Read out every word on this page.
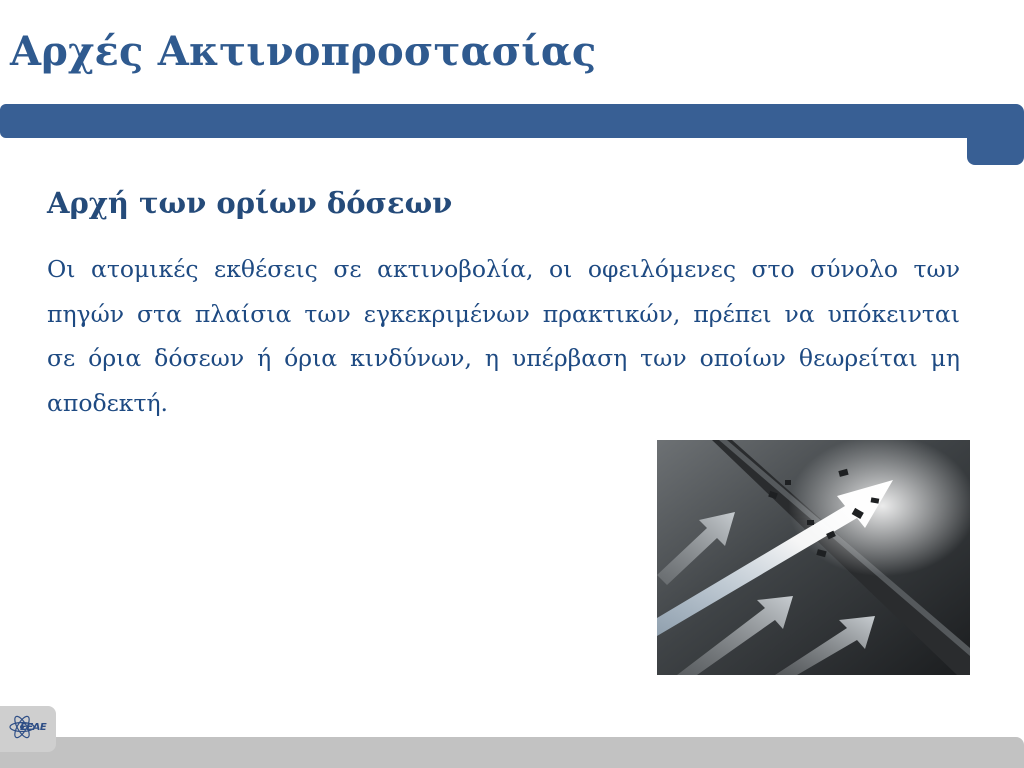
Αρχές Ακτινοπροστασίας
Αρχή των ορίων δόσεων
Οι ατομικές εκθέσεις σε ακτινοβολία, οι οφειλόμενες στο σύνολο των πηγών στα πλαίσια των εγκεκριμένων πρακτικών, πρέπει να υπόκεινται σε όρια δόσεων ή όρια κινδύνων, η υπέρβαση των οποίων θεωρείται μη αποδεκτή.
ΕΕΑΕ
